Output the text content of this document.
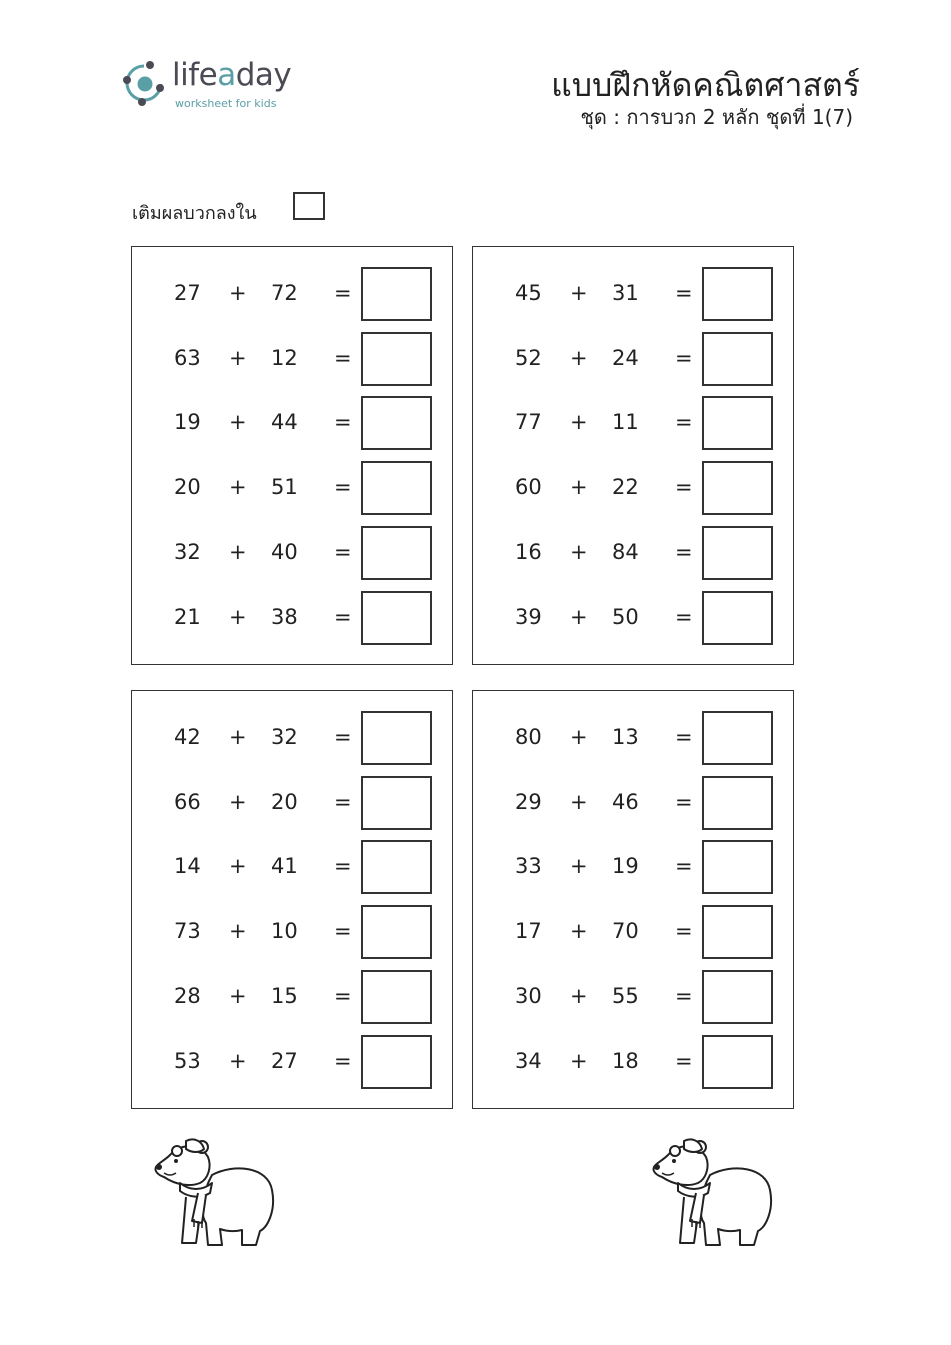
lifeaday
worksheet for kids	แบบฝึกหัดคณิตศาสตร์
ชุด : การบวก 2 หลัก ชุดที่ 1(7)
เติมผลบวกลงใน
27 + 72 =
63 + 12 =
19 + 44 =
20 + 51 =
32 + 40 =
21 + 38 =
45 + 31 =
52 + 24 =
77 + 11 =
60 + 22 =
16 + 84 =
39 + 50 =
42 + 32 =
66 + 20 =
14 + 41 =
73 + 10 =
28 + 15 =
53 + 27 =
80 + 13 =
29 + 46 =
33 + 19 =
17 + 70 =
30 + 55 =
34 + 18 =
